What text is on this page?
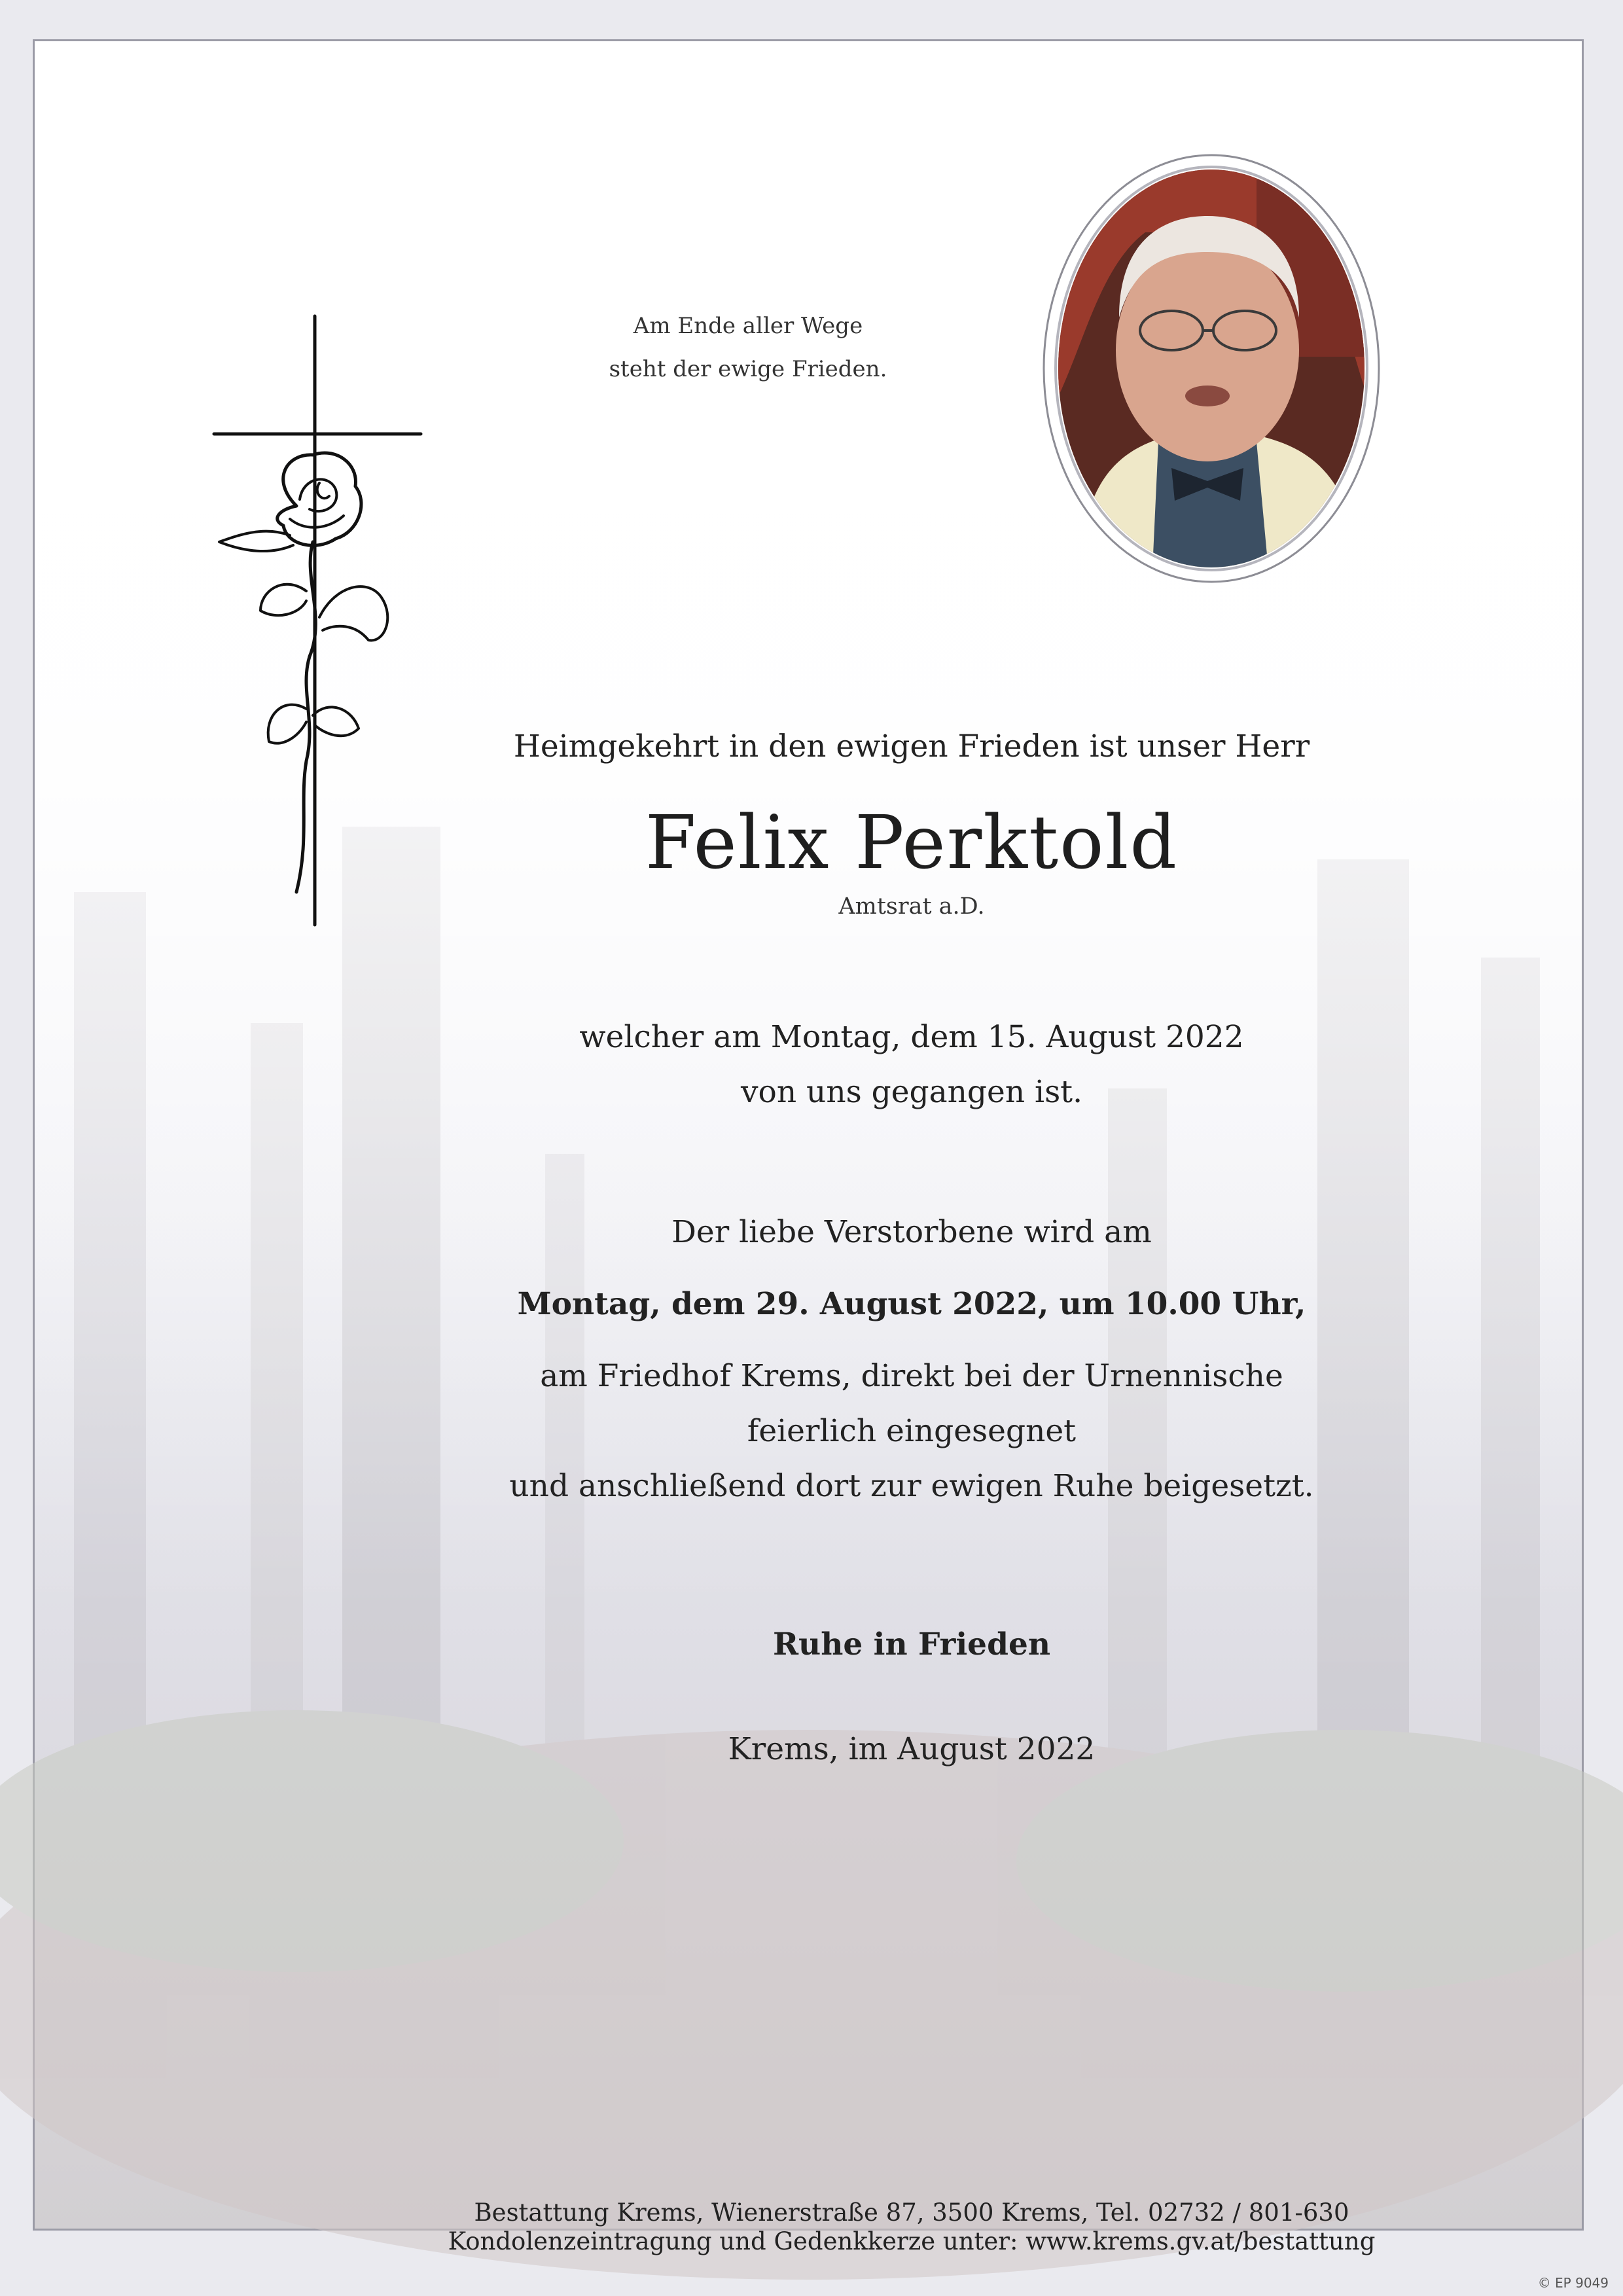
Am Ende aller Wege
steht der ewige Frieden.
Heimgekehrt in den ewigen Frieden ist unser Herr
Felix Perktold
Amtsrat a.D.
welcher am Montag, dem 15. August 2022
von uns gegangen ist.
Der liebe Verstorbene wird am
Montag, dem 29. August 2022, um 10.00 Uhr,
am Friedhof Krems, direkt bei der Urnennische
feierlich eingesegnet
und anschließend dort zur ewigen Ruhe beigesetzt.
Ruhe in Frieden
Krems, im August 2022
Bestattung Krems, Wienerstraße 87, 3500 Krems, Tel. 02732 / 801-630
Kondolenzeintragung und Gedenkkerze unter: www.krems.gv.at/bestattung
© EP 9049
